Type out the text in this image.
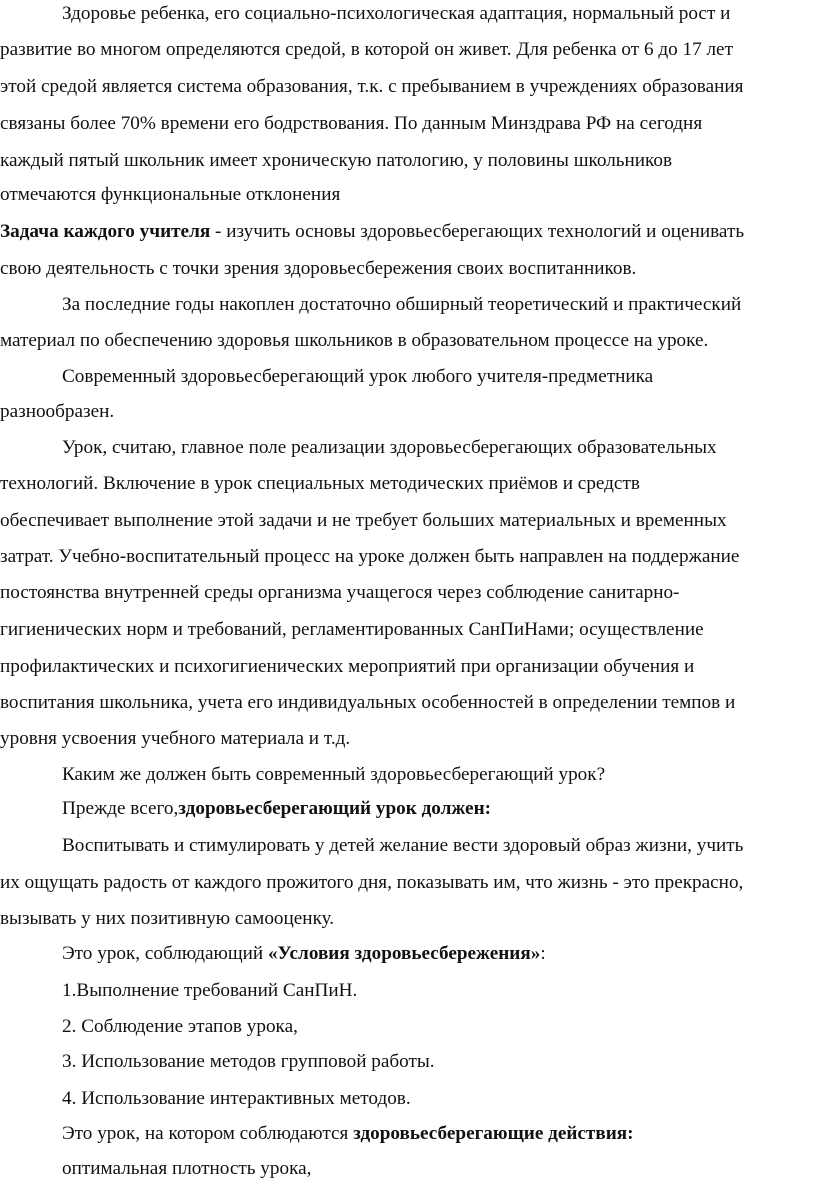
Здоровье ребенка, его социально-психологическая адаптация, нормальный рост и
развитие во многом определяются средой, в которой он живет. Для ребенка от 6 до 17 лет
этой средой является система образования, т.к. с пребыванием в учреждениях образования
связаны более 70% времени его бодрствования. По данным Минздрава РФ на сегодня
каждый пятый школьник имеет хроническую патологию, у половины школьников
отмечаются функциональные отклонения
Задача каждого учителя - изучить основы здоровьесберегающих технологий и оценивать
свою деятельность с точки зрения здоровьесбережения своих воспитанников.
За последние годы накоплен достаточно обширный теоретический и практический
материал по обеспечению здоровья школьников в образовательном процессе на уроке.
Современный здоровьесберегающий урок любого учителя-предметника
разнообразен.
Урок, считаю, главное поле реализации здоровьесберегающих образовательных
технологий. Включение в урок специальных методических приёмов и средств
обеспечивает выполнение этой задачи и не требует больших материальных и временных
затрат. Учебно-воспитательный процесс на уроке должен быть направлен на поддержание
постоянства внутренней среды организма учащегося через соблюдение санитарно-
гигиенических норм и требований, регламентированных СанПиНами; осуществление
профилактических и психогигиенических мероприятий при организации обучения и
воспитания школьника, учета его индивидуальных особенностей в определении темпов и
уровня усвоения учебного материала и т.д.
Каким же должен быть современный здоровьесберегающий урок?
Прежде всего,здоровьесберегающий урок должен:
Воспитывать и стимулировать у детей желание вести здоровый образ жизни, учить
их ощущать радость от каждого прожитого дня, показывать им, что жизнь - это прекрасно,
вызывать у них позитивную самооценку.
Это урок, соблюдающий «Условия здоровьесбережения»:
1.Выполнение требований СанПиН.
2. Соблюдение этапов урока,
3. Использование методов групповой работы.
4. Использование интерактивных методов.
Это урок, на котором соблюдаются здоровьесберегающие действия:
оптимальная плотность урока,
